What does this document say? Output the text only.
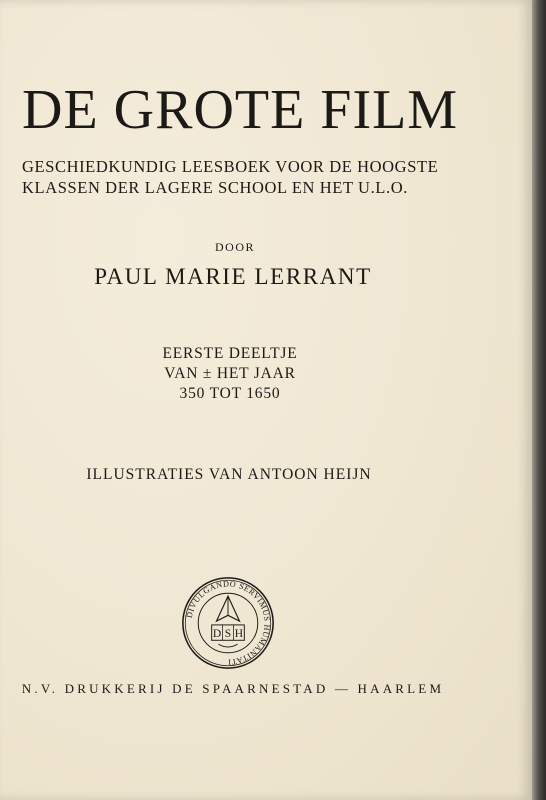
DE GROTE FILM
GESCHIEDKUNDIG LEESBOEK VOOR DE HOOGSTE
KLASSEN DER LAGERE SCHOOL EN HET U.L.O.
DOOR
PAUL MARIE LERRANT
EERSTE DEELTJE
VAN ± HET JAAR
350 TOT 1650
ILLUSTRATIES VAN ANTOON HEIJN
DIVULGANDO SERVIMUS HUMANITATI
D S H
N.V. DRUKKERIJ DE SPAARNESTAD — HAARLEM
